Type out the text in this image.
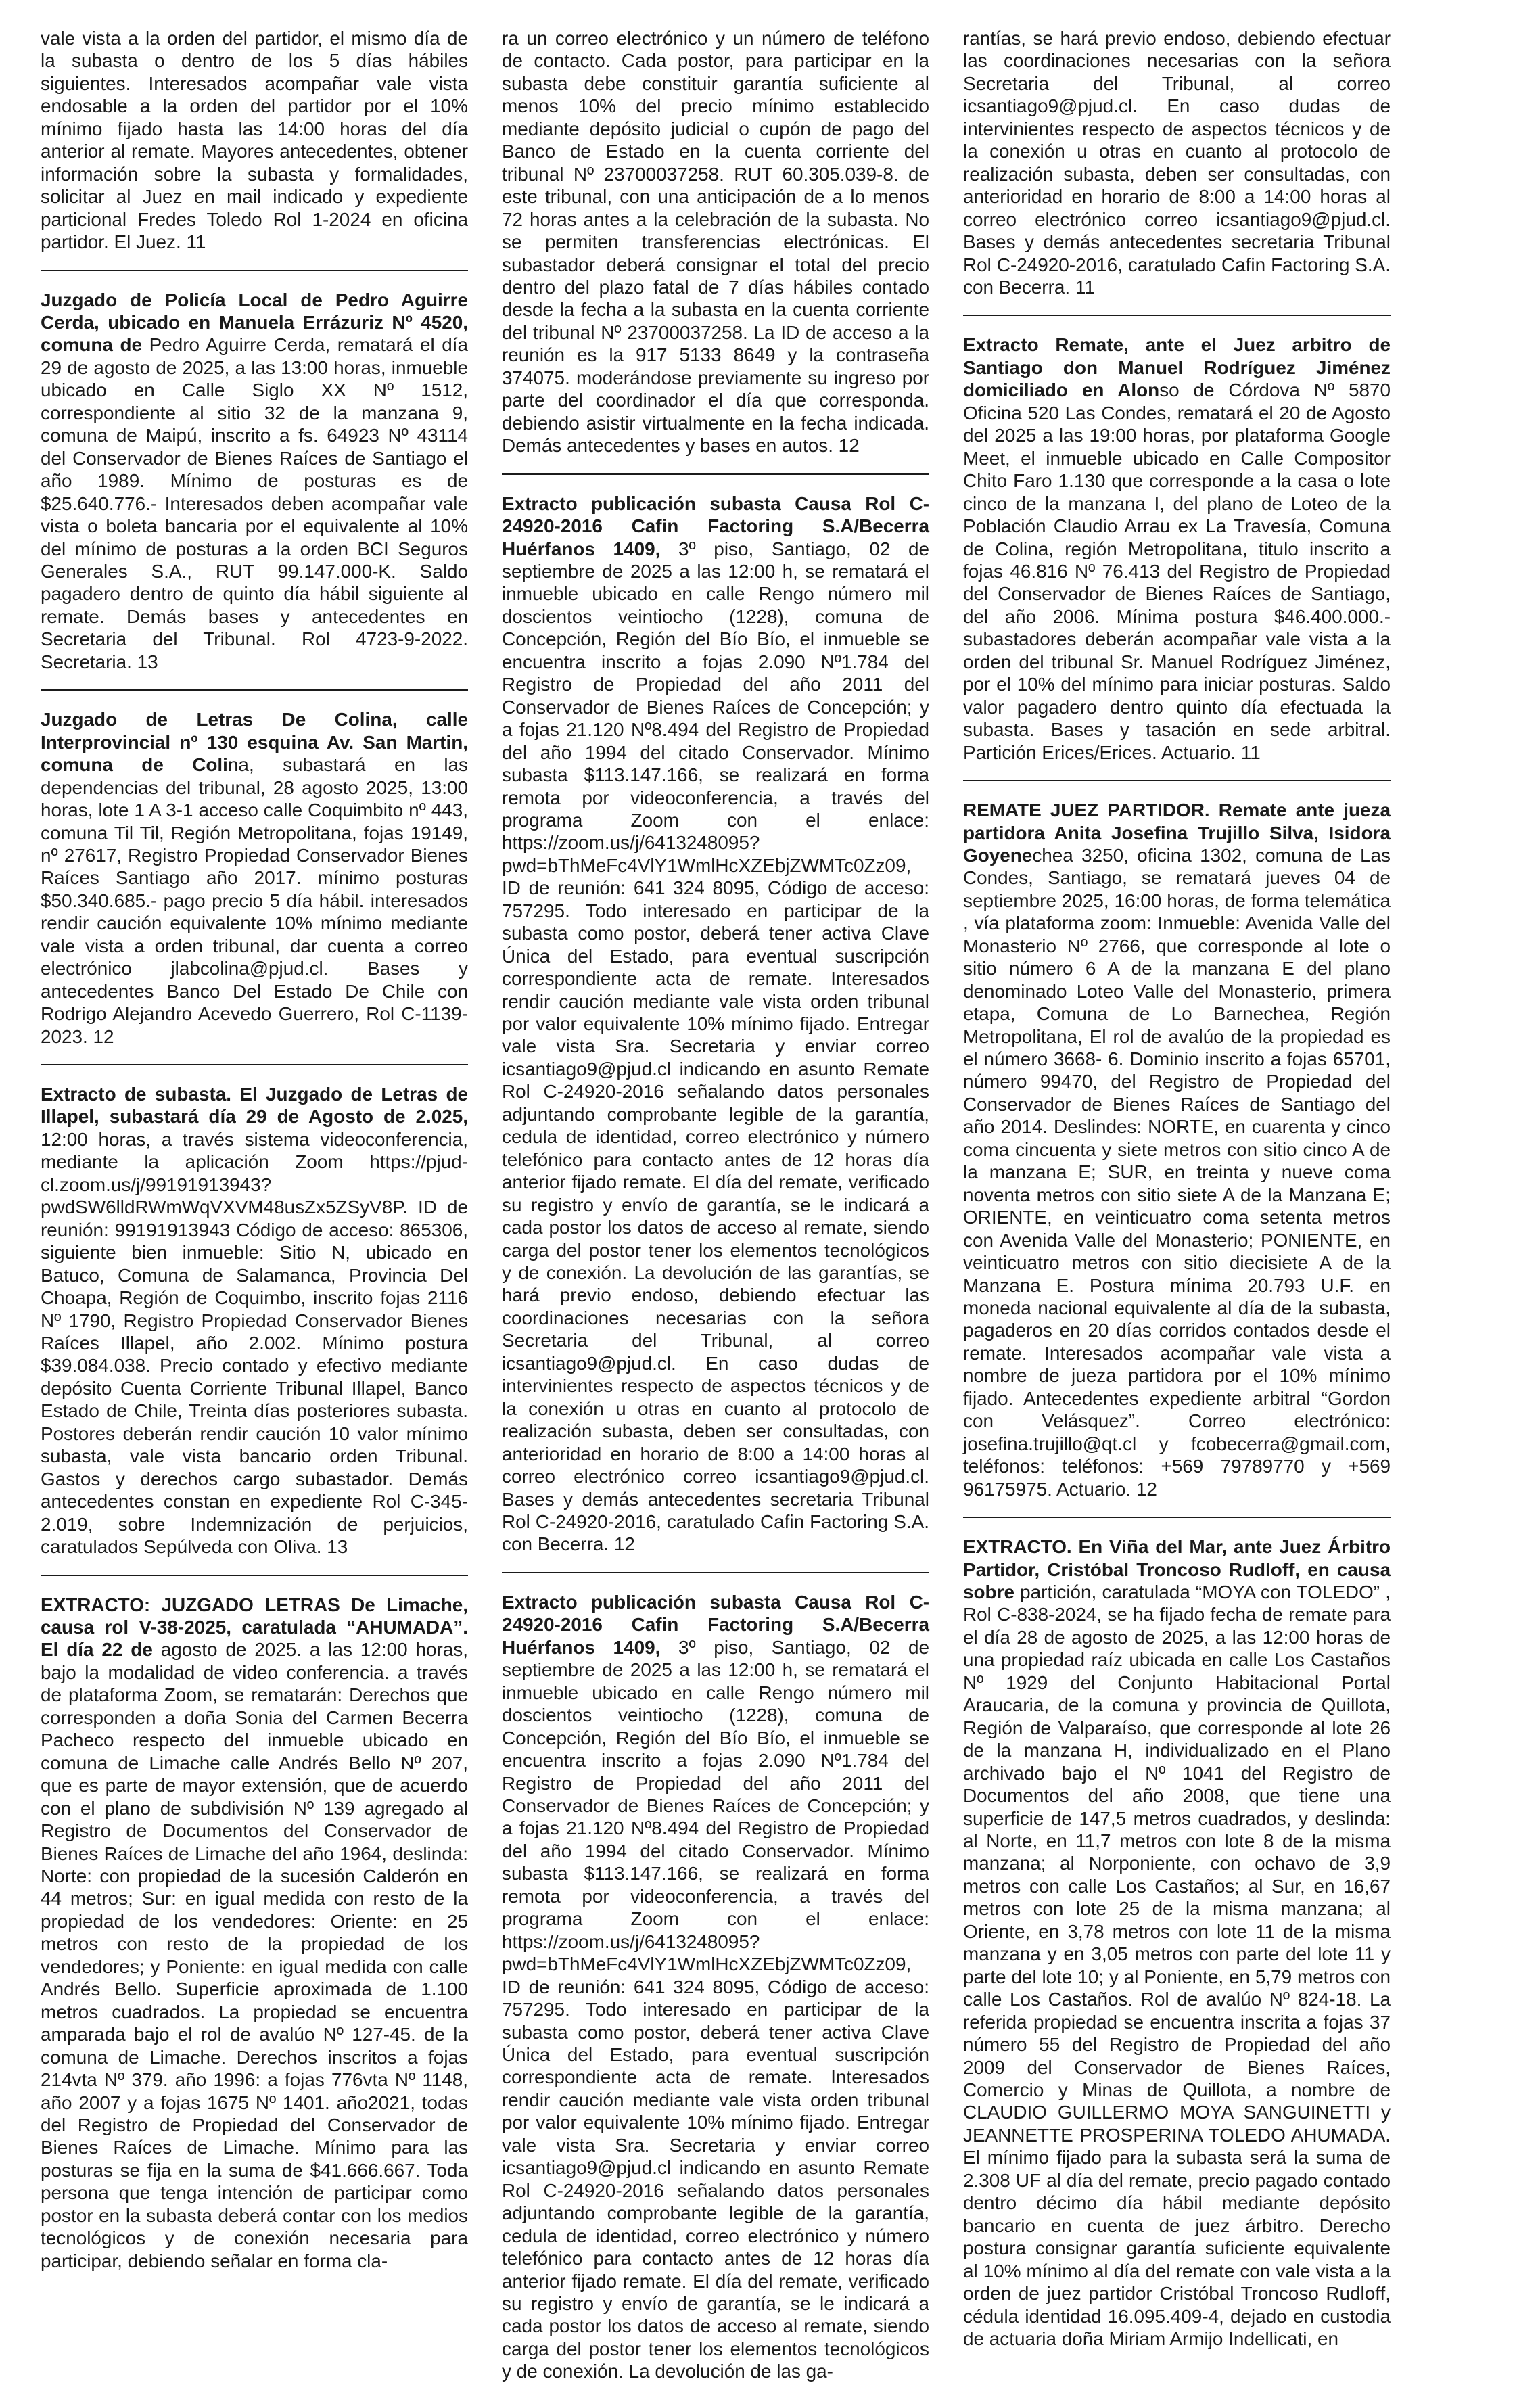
vale vista a la orden del partidor, el mismo día de la subasta o dentro de los 5 días hábiles siguientes. Interesados acompañar vale vista endosable a la orden del partidor por el 10% mínimo fijado hasta las 14:00 horas del día anterior al remate. Mayores antecedentes, obtener información sobre la subasta y formalidades, solicitar al Juez en mail indicado y expediente particional Fredes Toledo Rol 1-2024 en oficina partidor. El Juez. 11

Juzgado de Policía Local de Pedro Aguirre Cerda, ubicado en Manuela Errázuriz Nº 4520, comuna de Pedro Aguirre Cerda, rematará el día 29 de agosto de 2025, a las 13:00 horas, inmueble ubicado en Calle Siglo XX Nº 1512, correspondiente al sitio 32 de la manzana 9, comuna de Maipú, inscrito a fs. 64923 Nº 43114 del Conservador de Bienes Raíces de Santiago el año 1989. Mínimo de posturas es de $25.640.776.- Interesados deben acompañar vale vista o boleta bancaria por el equivalente al 10% del mínimo de posturas a la orden BCI Seguros Generales S.A., RUT 99.147.000-K. Saldo pagadero dentro de quinto día hábil siguiente al remate. Demás bases y antecedentes en Secretaria del Tribunal. Rol 4723-9-2022. Secretaria. 13

Juzgado de Letras De Colina, calle Interprovincial nº 130 esquina Av. San Martin, comuna de Colina, subastará en las dependencias del tribunal, 28 agosto 2025, 13:00 horas, lote 1 A 3-1 acceso calle Coquimbito nº 443, comuna Til Til, Región Metropolitana, fojas 19149, nº 27617, Registro Propiedad Conservador Bienes Raíces Santiago año 2017. mínimo posturas $50.340.685.- pago precio 5 día hábil. interesados rendir caución equivalente 10% mínimo mediante vale vista a orden tribunal, dar cuenta a correo electrónico jlabcolina@pjud.cl. Bases y antecedentes Banco Del Estado De Chile con Rodrigo Alejandro Acevedo Guerrero, Rol C-1139-2023. 12

Extracto de subasta. El Juzgado de Letras de Illapel, subastará día 29 de Agosto de 2.025, 12:00 horas, a través sistema videoconferencia, mediante la aplicación Zoom https://pjud-cl.zoom.us/j/99191913943?pwdSW6lldRWmWqVXVM48usZx5ZSyV8P. ID de reunión: 99191913943 Código de acceso: 865306, siguiente bien inmueble: Sitio N, ubicado en Batuco, Comuna de Salamanca, Provincia Del Choapa, Región de Coquimbo, inscrito fojas 2116 Nº 1790, Registro Propiedad Conservador Bienes Raíces Illapel, año 2.002. Mínimo postura $39.084.038. Precio contado y efectivo mediante depósito Cuenta Corriente Tribunal Illapel, Banco Estado de Chile, Treinta días posteriores subasta. Postores deberán rendir caución 10 valor mínimo subasta, vale vista bancario orden Tribunal. Gastos y derechos cargo subastador. Demás antecedentes constan en expediente Rol C-345-2.019, sobre Indemnización de perjuicios, caratulados Sepúlveda con Oliva. 13

EXTRACTO: JUZGADO LETRAS De Limache, causa rol V-38-2025, caratulada “AHUMADA”. El día 22 de agosto de 2025. a las 12:00 horas, bajo la modalidad de video conferencia. a través de plataforma Zoom, se rematarán: Derechos que corresponden a doña Sonia del Carmen Becerra Pacheco respecto del inmueble ubicado en comuna de Limache calle Andrés Bello Nº 207, que es parte de mayor extensión, que de acuerdo con el plano de subdivisión Nº 139 agregado al Registro de Documentos del Conservador de Bienes Raíces de Limache del año 1964, deslinda: Norte: con propiedad de la sucesión Calderón en 44 metros; Sur: en igual medida con resto de la propiedad de los vendedores: Oriente: en 25 metros con resto de la propiedad de los vendedores; y Poniente: en igual medida con calle Andrés Bello. Superficie aproximada de 1.100 metros cuadrados. La propiedad se encuentra amparada bajo el rol de avalúo Nº 127-45. de la comuna de Limache. Derechos inscritos a fojas 214vta Nº 379. año 1996: a fojas 776vta Nº 1148, año 2007 y a fojas 1675 Nº 1401. año2021, todas del Registro de Propiedad del Conservador de Bienes Raíces de Limache. Mínimo para las posturas se fija en la suma de $41.666.667. Toda persona que tenga intención de participar como postor en la subasta deberá contar con los medios tecnológicos y de conexión necesaria para participar, debiendo señalar en forma cla-

ra un correo electrónico y un número de teléfono de contacto. Cada postor, para participar en la subasta debe constituir garantía suficiente al menos 10% del precio mínimo establecido mediante depósito judicial o cupón de pago del Banco de Estado en la cuenta corriente del tribunal Nº 23700037258. RUT 60.305.039-8. de este tribunal, con una anticipación de a lo menos 72 horas antes a la celebración de la subasta. No se permiten transferencias electrónicas. El subastador deberá consignar el total del precio dentro del plazo fatal de 7 días hábiles contado desde la fecha a la subasta en la cuenta corriente del tribunal Nº 23700037258. La ID de acceso a la reunión es la 917 5133 8649 y la contraseña 374075. moderándose previamente su ingreso por parte del coordinador el día que corresponda. debiendo asistir virtualmente en la fecha indicada. Demás antecedentes y bases en autos. 12

Extracto publicación subasta Causa Rol C-24920-2016 Cafin Factoring S.A/Becerra Huérfanos 1409, 3º piso, Santiago, 02 de septiembre de 2025 a las 12:00 h, se rematará el inmueble ubicado en calle Rengo número mil doscientos veintiocho (1228), comuna de Concepción, Región del Bío Bío, el inmueble se encuentra inscrito a fojas 2.090 Nº1.784 del Registro de Propiedad del año 2011 del Conservador de Bienes Raíces de Concepción; y a fojas 21.120 Nº8.494 del Registro de Propiedad del año 1994 del citado Conservador. Mínimo subasta $113.147.166, se realizará en forma remota por videoconferencia, a través del programa Zoom con el enlace: https://zoom.us/j/6413248095?pwd=bThMeFc4VlY1WmlHcXZEbjZWMTc0Zz09, ID de reunión: 641 324 8095, Código de acceso: 757295. Todo interesado en participar de la subasta como postor, deberá tener activa Clave Única del Estado, para eventual suscripción correspondiente acta de remate. Interesados rendir caución mediante vale vista orden tribunal por valor equivalente 10% mínimo fijado. Entregar vale vista Sra. Secretaria y enviar correo icsantiago9@pjud.cl indicando en asunto Remate Rol C-24920-2016 señalando datos personales adjuntando comprobante legible de la garantía, cedula de identidad, correo electrónico y número telefónico para contacto antes de 12 horas día anterior fijado remate. El día del remate, verificado su registro y envío de garantía, se le indicará a cada postor los datos de acceso al remate, siendo carga del postor tener los elementos tecnológicos y de conexión. La devolución de las garantías, se hará previo endoso, debiendo efectuar las coordinaciones necesarias con la señora Secretaria del Tribunal, al correo icsantiago9@pjud.cl. En caso dudas de intervinientes respecto de aspectos técnicos y de la conexión u otras en cuanto al protocolo de realización subasta, deben ser consultadas, con anterioridad en horario de 8:00 a 14:00 horas al correo electrónico correo icsantiago9@pjud.cl. Bases y demás antecedentes secretaria Tribunal Rol C-24920-2016, caratulado Cafin Factoring S.A. con Becerra. 12

Extracto publicación subasta Causa Rol C-24920-2016 Cafin Factoring S.A/Becerra Huérfanos 1409, 3º piso, Santiago, 02 de septiembre de 2025 a las 12:00 h, se rematará el inmueble ubicado en calle Rengo número mil doscientos veintiocho (1228), comuna de Concepción, Región del Bío Bío, el inmueble se encuentra inscrito a fojas 2.090 Nº1.784 del Registro de Propiedad del año 2011 del Conservador de Bienes Raíces de Concepción; y a fojas 21.120 Nº8.494 del Registro de Propiedad del año 1994 del citado Conservador. Mínimo subasta $113.147.166, se realizará en forma remota por videoconferencia, a través del programa Zoom con el enlace: https://zoom.us/j/6413248095?pwd=bThMeFc4VlY1WmlHcXZEbjZWMTc0Zz09, ID de reunión: 641 324 8095, Código de acceso: 757295. Todo interesado en participar de la subasta como postor, deberá tener activa Clave Única del Estado, para eventual suscripción correspondiente acta de remate. Interesados rendir caución mediante vale vista orden tribunal por valor equivalente 10% mínimo fijado. Entregar vale vista Sra. Secretaria y enviar correo icsantiago9@pjud.cl indicando en asunto Remate Rol C-24920-2016 señalando datos personales adjuntando comprobante legible de la garantía, cedula de identidad, correo electrónico y número telefónico para contacto antes de 12 horas día anterior fijado remate. El día del remate, verificado su registro y envío de garantía, se le indicará a cada postor los datos de acceso al remate, siendo carga del postor tener los elementos tecnológicos y de conexión. La devolución de las ga-

rantías, se hará previo endoso, debiendo efectuar las coordinaciones necesarias con la señora Secretaria del Tribunal, al correo icsantiago9@pjud.cl. En caso dudas de intervinientes respecto de aspectos técnicos y de la conexión u otras en cuanto al protocolo de realización subasta, deben ser consultadas, con anterioridad en horario de 8:00 a 14:00 horas al correo electrónico correo icsantiago9@pjud.cl. Bases y demás antecedentes secretaria Tribunal Rol C-24920-2016, caratulado Cafin Factoring S.A. con Becerra. 11

Extracto Remate, ante el Juez arbitro de Santiago don Manuel Rodríguez Jiménez domiciliado en Alonso de Córdova Nº 5870 Oficina 520 Las Condes, rematará el 20 de Agosto del 2025 a las 19:00 horas, por plataforma Google Meet, el inmueble ubicado en Calle Compositor Chito Faro 1.130 que corresponde a la casa o lote cinco de la manzana I, del plano de Loteo de la Población Claudio Arrau ex La Travesía, Comuna de Colina, región Metropolitana, titulo inscrito a fojas 46.816 Nº 76.413 del Registro de Propiedad del Conservador de Bienes Raíces de Santiago, del año 2006. Mínima postura $46.400.000.- subastadores deberán acompañar vale vista a la orden del tribunal Sr. Manuel Rodríguez Jiménez, por el 10% del mínimo para iniciar posturas. Saldo valor pagadero dentro quinto día efectuada la subasta. Bases y tasación en sede arbitral. Partición Erices/Erices. Actuario. 11

REMATE JUEZ PARTIDOR. Remate ante jueza partidora Anita Josefina Trujillo Silva, Isidora Goyenechea 3250, oficina 1302, comuna de Las Condes, Santiago, se rematará jueves 04 de septiembre 2025, 16:00 horas, de forma telemática , vía plataforma zoom: Inmueble: Avenida Valle del Monasterio Nº 2766, que corresponde al lote o sitio número 6 A de la manzana E del plano denominado Loteo Valle del Monasterio, primera etapa, Comuna de Lo Barnechea, Región Metropolitana, El rol de avalúo de la propiedad es el número 3668- 6. Dominio inscrito a fojas 65701, número 99470, del Registro de Propiedad del Conservador de Bienes Raíces de Santiago del año 2014. Deslindes: NORTE, en cuarenta y cinco coma cincuenta y siete metros con sitio cinco A de la manzana E; SUR, en treinta y nueve coma noventa metros con sitio siete A de la Manzana E; ORIENTE, en veinticuatro coma setenta metros con Avenida Valle del Monasterio; PONIENTE, en veinticuatro metros con sitio diecisiete A de la Manzana E. Postura mínima 20.793 U.F. en moneda nacional equivalente al día de la subasta, pagaderos en 20 días corridos contados desde el remate. Interesados acompañar vale vista a nombre de jueza partidora por el 10% mínimo fijado. Antecedentes expediente arbitral “Gordon con Velásquez”. Correo electrónico: josefina.trujillo@qt.cl y fcobecerra@gmail.com, teléfonos: teléfonos: +569 79789770 y +569 96175975. Actuario. 12

EXTRACTO. En Viña del Mar, ante Juez Árbitro Partidor, Cristóbal Troncoso Rudloff, en causa sobre partición, caratulada “MOYA con TOLEDO” , Rol C-838-2024, se ha fijado fecha de remate para el día 28 de agosto de 2025, a las 12:00 horas de una propiedad raíz ubicada en calle Los Castaños Nº 1929 del Conjunto Habitacional Portal Araucaria, de la comuna y provincia de Quillota, Región de Valparaíso, que corresponde al lote 26 de la manzana H, individualizado en el Plano archivado bajo el Nº 1041 del Registro de Documentos del año 2008, que tiene una superficie de 147,5 metros cuadrados, y deslinda: al Norte, en 11,7 metros con lote 8 de la misma manzana; al Norponiente, con ochavo de 3,9 metros con calle Los Castaños; al Sur, en 16,67 metros con lote 25 de la misma manzana; al Oriente, en 3,78 metros con lote 11 de la misma manzana y en 3,05 metros con parte del lote 11 y parte del lote 10; y al Poniente, en 5,79 metros con calle Los Castaños. Rol de avalúo Nº 824-18. La referida propiedad se encuentra inscrita a fojas 37 número 55 del Registro de Propiedad del año 2009 del Conservador de Bienes Raíces, Comercio y Minas de Quillota, a nombre de CLAUDIO GUILLERMO MOYA SANGUINETTI y JEANNETTE PROSPERINA TOLEDO AHUMADA. El mínimo fijado para la subasta será la suma de 2.308 UF al día del remate, precio pagado contado dentro décimo día hábil mediante depósito bancario en cuenta de juez árbitro. Derecho postura consignar garantía suficiente equivalente al 10% mínimo al día del remate con vale vista a la orden de juez partidor Cristóbal Troncoso Rudloff, cédula identidad 16.095.409-4, dejado en custodia de actuaria doña Miriam Armijo Indellicati, en
